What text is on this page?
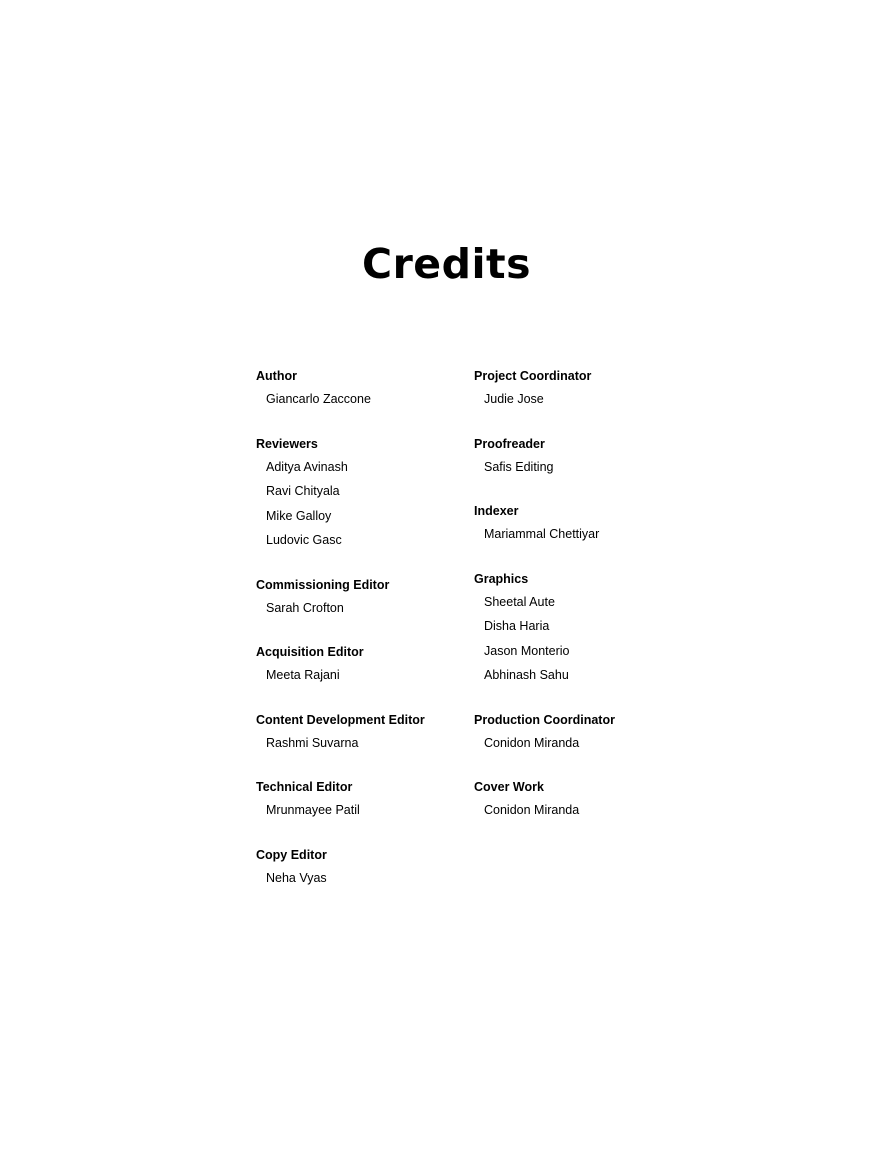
Credits
Author
Giancarlo Zaccone
Reviewers
Aditya Avinash
Ravi Chityala
Mike Galloy
Ludovic Gasc
Commissioning Editor
Sarah Crofton
Acquisition Editor
Meeta Rajani
Content Development Editor
Rashmi Suvarna
Technical Editor
Mrunmayee Patil
Copy Editor
Neha Vyas
Project Coordinator
Judie Jose
Proofreader
Safis Editing
Indexer
Mariammal Chettiyar
Graphics
Sheetal Aute
Disha Haria
Jason Monterio
Abhinash Sahu
Production Coordinator
Conidon Miranda
Cover Work
Conidon Miranda
